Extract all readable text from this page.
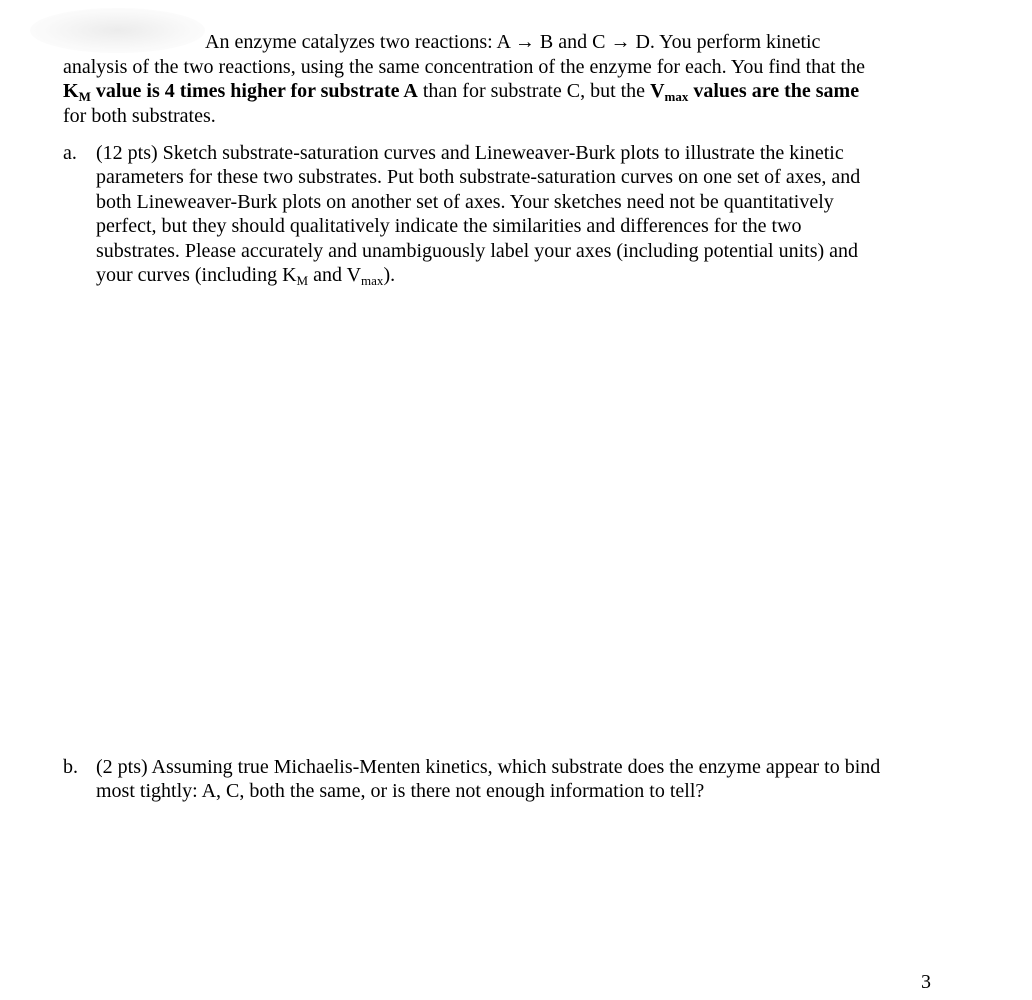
An enzyme catalyzes two reactions: A → B and C → D. You perform kinetic
analysis of the two reactions, using the same concentration of the enzyme for each. You find that the
$K_M$ value is 4 times higher for substrate A than for substrate C, but the $V_{max}$ values are the same
for both substrates.
a. (12 pts) Sketch substrate-saturation curves and Lineweaver-Burk plots to illustrate the kinetic
parameters for these two substrates. Put both substrate-saturation curves on one set of axes, and
both Lineweaver-Burk plots on another set of axes. Your sketches need not be quantitatively
perfect, but they should qualitatively indicate the similarities and differences for the two
substrates. Please accurately and unambiguously label your axes (including potential units) and
your curves (including $K_M$ and $V_{max}$).
b. (2 pts) Assuming true Michaelis-Menten kinetics, which substrate does the enzyme appear to bind
most tightly: A, C, both the same, or is there not enough information to tell?
3
